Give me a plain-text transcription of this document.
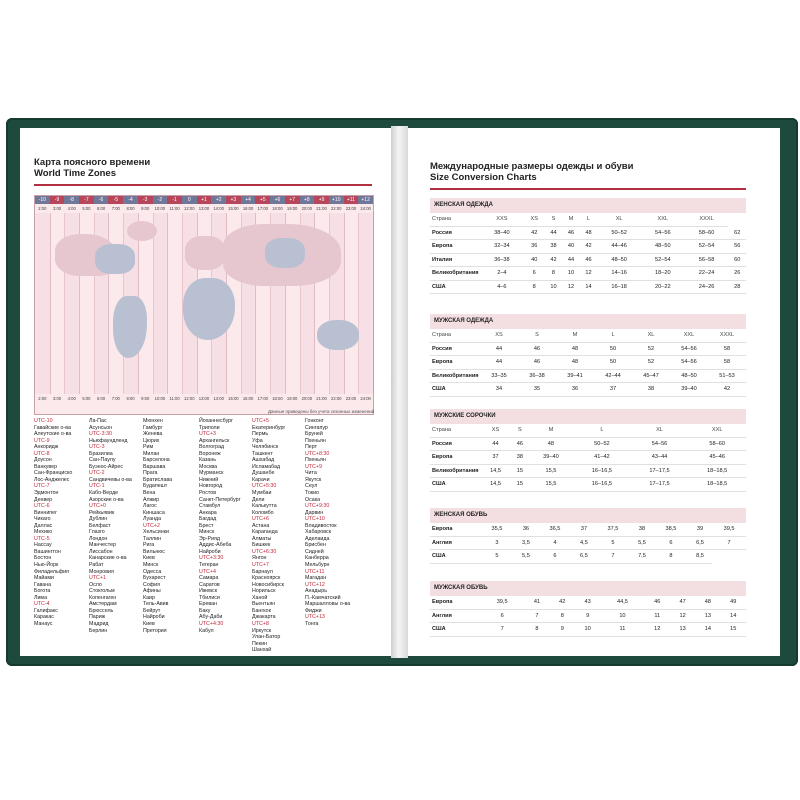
Карта поясного времени
World Time Zones
-10	-9	-8	-7	-6	-5	-4	-3	-2	-1	0	+1	+2	+3	+4	+5	+6	+7	+8	+9	+10	+11	+12
2:00	3:00	4:00	5:00	6:00	7:00	8:00	9:00	10:00	11:00	12:00	13:00	14:00	15:00	16:00	17:00	18:00	19:00	20:00	21:00	22:00	23:00	24:00
2:00	3:00	4:00	5:00	6:00	7:00	8:00	9:00	10:00	11:00	12:00	13:00	14:00	15:00	16:00	17:00	18:00	19:00	20:00	21:00	22:00	23:00	24:00
Данные приведены без учета сезонных изменений
UTC-10
Гавайские о-ва
Алеутские о-ва
UTC-9
Анкоридж
UTC-8
Доусон
Ванкувер
Сан-Франциско
Лос-Анджелес
UTC-7
Эдмонтон
Денвер
UTC-6
Виннипег
Чикаго
Даллас
Мехико
UTC-5
Нассау
Вашингтон
Бостон
Нью-Йорк
Филадельфия
Майами
Гавана
Богота
Лима
UTC-4
Галифакс
Каракас
Манаус
Ла-Пас
Асунсьон
UTC-3:30
Ньюфаундленд
UTC-3
Бразилиа
Сан-Паулу
Буэнос-Айрес
UTC-2
Сандвичевы о-ва
UTC-1
Кабо-Верде
Азорские о-ва
UTC+0
Рейкьявик
Дублин
Белфаст
Глазго
Лондон
Манчестер
Лиссабон
Канарские о-ва
Рабат
Монровия
UTC+1
Осло
Стокгольм
Копенгаген
Амстердам
Брюссель
Париж
Мадрид
Берлин
Мюнхен
Гамбург
Женева
Цюрих
Рим
Милан
Барселона
Варшава
Прага
Братислава
Будапешт
Вена
Алжир
Лагос
Киншаса
Луанда
UTC+2
Хельсинки
Таллин
Рига
Вильнюс
Киев
Минск
Одесса
Бухарест
София
Афины
Каир
Тель-Авив
Бейрут
Найроби
Киев
Претория
Йоханнесбург
Триполи
UTC+3
Архангельск
Волгоград
Воронеж
Казань
Москва
Мурманск
Нижний
Новгород
Ростов
Санкт-Петербург
Стамбул
Анкара
Багдад
Брест
Минск
Эр-Рияд
Аддис-Абеба
Найроби
UTC+3:30
Тегеран
UTC+4
Самара
Саратов
Ижевск
Тбилиси
Ереван
Баку
Абу-Даби
UTC+4:30
Кабул
UTC+5
Екатеринбург
Пермь
Уфа
Челябинск
Ташкент
Ашхабад
Исламабад
Душанбе
Карачи
UTC+5:30
Мумбаи
Дели
Калькутта
Коломбо
UTC+6
Астана
Караганда
Алматы
Бишкек
UTC+6:30
Янгон
UTC+7
Барнаул
Красноярск
Новосибирск
Норильск
Ханой
Вьентьян
Бангкок
Джакарта
UTC+8
Иркутск
Улан-Батор
Пекин
Шанхай
Гонконг
Сингапур
Бруней
Пхеньян
Перт
UTC+8:30
Пхеньян
UTC+9
Чита
Якутск
Сеул
Токио
Осака
UTC+9:30
Дарвин
UTC+10
Владивосток
Хабаровск
Аделаида
Брисбен
Сидней
Канберра
Мельбурн
UTC+11
Магадан
UTC+12
Анадырь
П.-Камчатский
Маршалловы о-ва
Фиджи
UTC+13
Тонга
Международные размеры одежды и обуви
Size Conversion Charts
ЖЕНСКАЯ ОДЕЖДА
Страна	XXS	XS	S	M	L	XL	XXL	XXXL	
Россия	38–40	42	44	46	48	50–52	54–56	58–60	62
Европа	32–34	36	38	40	42	44–46	48–50	52–54	56
Италия	36–38	40	42	44	46	48–50	52–54	56–58	60
Великобритания	2–4	6	8	10	12	14–16	18–20	22–24	26
США	4–6	8	10	12	14	16–18	20–22	24–26	28
МУЖСКАЯ ОДЕЖДА
Страна	XS	S	M	L	XL	XXL	XXXL
Россия	44	46	48	50	52	54–56	58
Европа	44	46	48	50	52	54–56	58
Великобритания	33–35	36–38	39–41	42–44	45–47	48–50	51–53
США	34	35	36	37	38	39–40	42
МУЖСКИЕ СОРОЧКИ
Страна	XS	S	M	L	XL	XXL
Россия	44	46	48	50–52	54–56	58–60
Европа	37	38	39–40	41–42	43–44	45–46
Великобритания	14,5	15	15,5	16–16,5	17–17,5	18–18,5
США	14,5	15	15,5	16–16,5	17–17,5	18–18,5
ЖЕНСКАЯ ОБУВЬ
Европа	35,5	36	36,5	37	37,5	38	38,5	39	39,5
Англия	3	3,5	4	4,5	5	5,5	6	6,5	7
США	5	5,5	6	6,5	7	7,5	8	8,5	
МУЖСКАЯ ОБУВЬ
Европа	39,5	41	42	43	44,5	46	47	48	49
Англия	6	7	8	9	10	11	12	13	14
США	7	8	9	10	11	12	13	14	15
